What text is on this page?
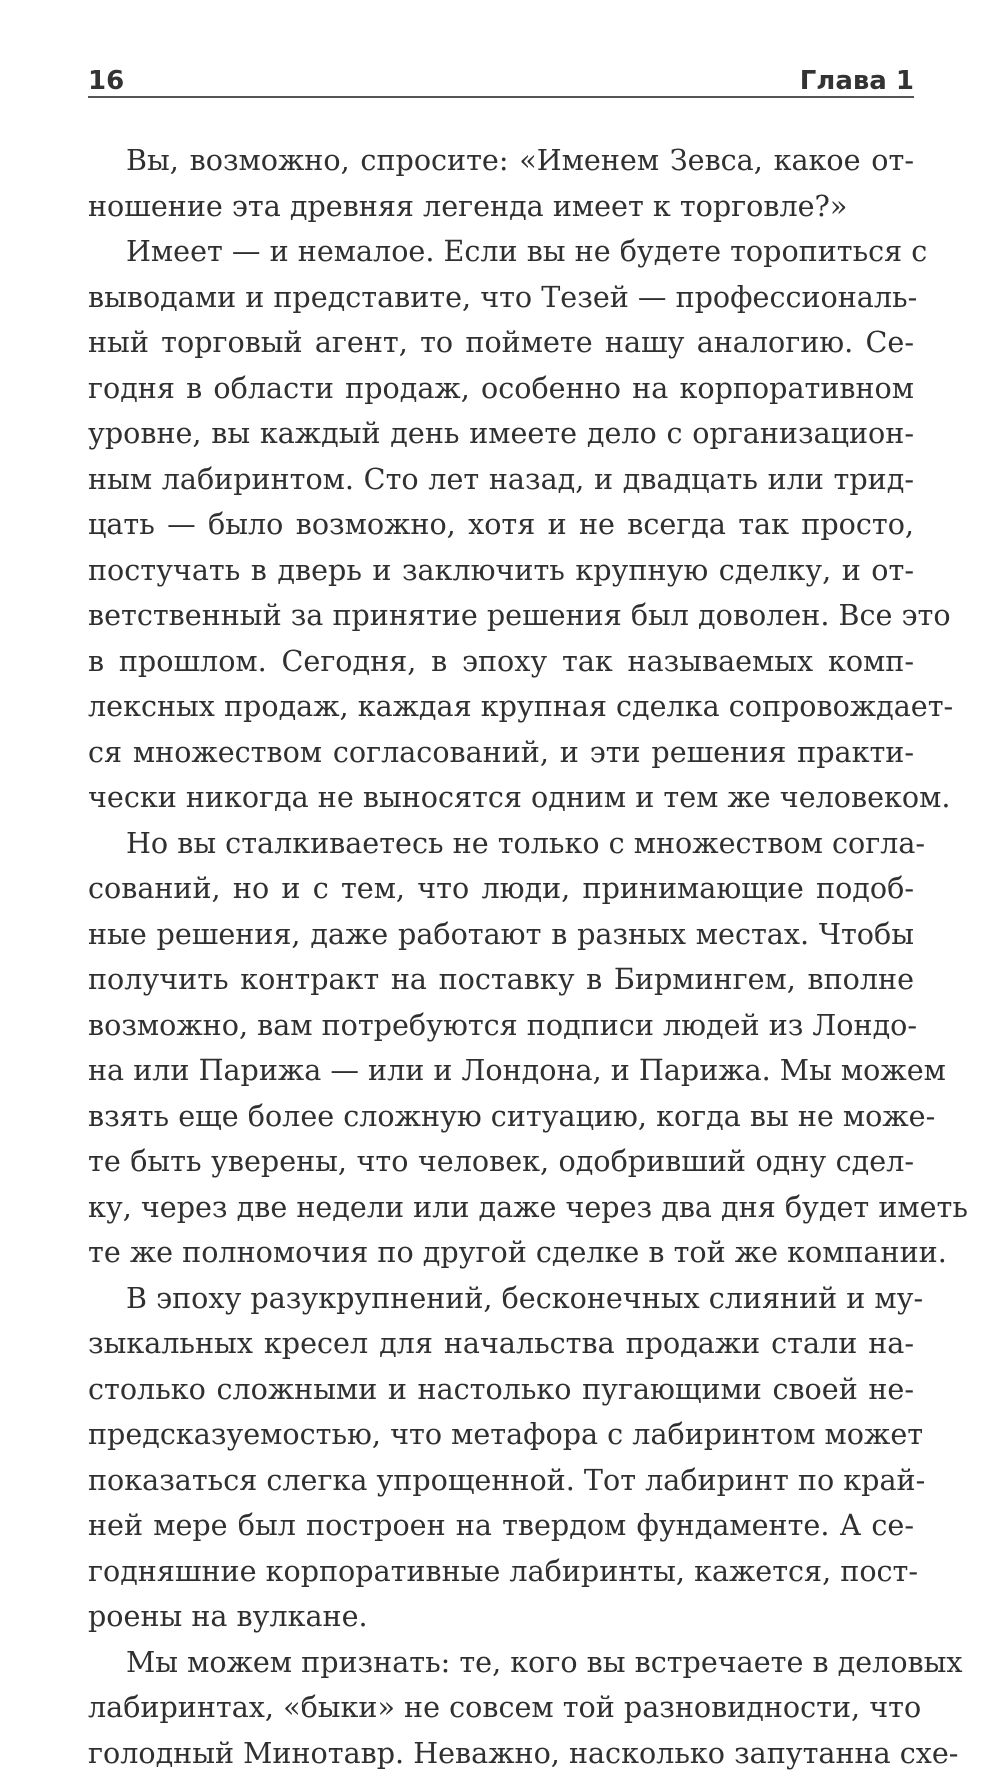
16	Глава 1
Вы, возможно, спросите: «Именем Зевса, какое от-
ношение эта древняя легенда имеет к торговле?»
Имеет — и немалое. Если вы не будете торопиться с
выводами и представите, что Тезей — профессиональ-
ный торговый агент, то поймете нашу аналогию. Се-
годня в области продаж, особенно на корпоративном
уровне, вы каждый день имеете дело с организацион-
ным лабиринтом. Сто лет назад, и двадцать или трид-
цать — было возможно, хотя и не всегда так просто,
постучать в дверь и заключить крупную сделку, и от-
ветственный за принятие решения был доволен. Все это
в прошлом. Сегодня, в эпоху так называемых комп-
лексных продаж, каждая крупная сделка сопровождает-
ся множеством согласований, и эти решения практи-
чески никогда не выносятся одним и тем же человеком.
Но вы сталкиваетесь не только с множеством согла-
сований, но и с тем, что люди, принимающие подоб-
ные решения, даже работают в разных местах. Чтобы
получить контракт на поставку в Бирмингем, вполне
возможно, вам потребуются подписи людей из Лондо-
на или Парижа — или и Лондона, и Парижа. Мы можем
взять еще более сложную ситуацию, когда вы не може-
те быть уверены, что человек, одобривший одну сдел-
ку, через две недели или даже через два дня будет иметь
те же полномочия по другой сделке в той же компании.
В эпоху разукрупнений, бесконечных слияний и му-
зыкальных кресел для начальства продажи стали на-
столько сложными и настолько пугающими своей не-
предсказуемостью, что метафора с лабиринтом может
показаться слегка упрощенной. Тот лабиринт по край-
ней мере был построен на твердом фундаменте. А се-
годняшние корпоративные лабиринты, кажется, пост-
роены на вулкане.
Мы можем признать: те, кого вы встречаете в деловых
лабиринтах, «быки» не совсем той разновидности, что
голодный Минотавр. Неважно, насколько запутанна схе-
